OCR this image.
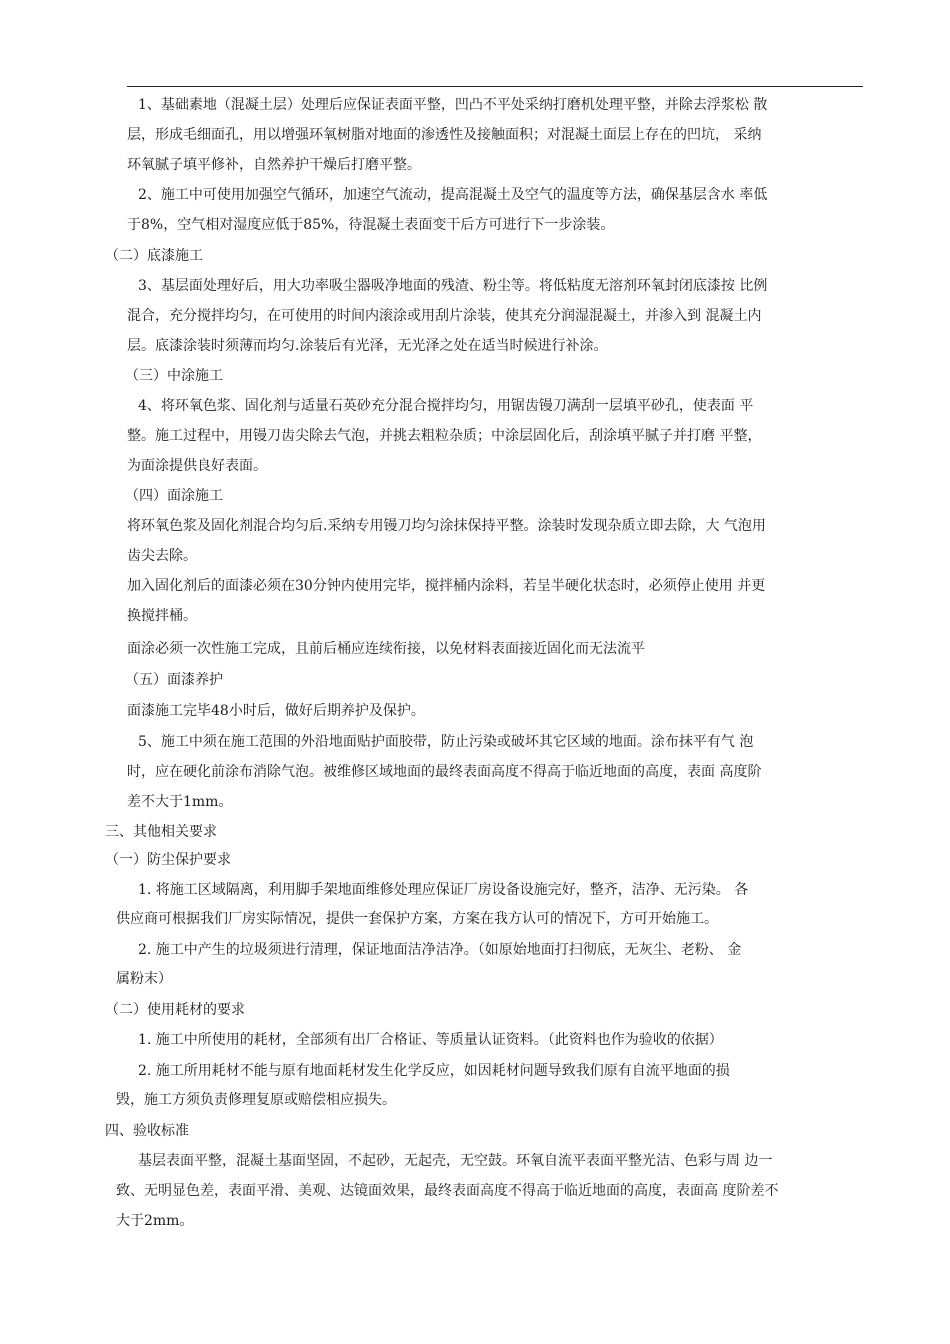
1、基础素地（混凝土层）处理后应保证表面平整，凹凸不平处采纳打磨机处理平整，并除去浮浆松 散
层，形成毛细面孔，用以增强环氧树脂对地面的渗透性及接触面积；对混凝土面层上存在的凹坑， 采纳
环氧腻子填平修补，自然养护干燥后打磨平整。
2、施工中可使用加强空气循环，加速空气流动，提高混凝土及空气的温度等方法，确保基层含水 率低
于8%，空气相对湿度应低于85%，待混凝土表面变干后方可进行下一步涂装。
（二）底漆施工
3、基层面处理好后，用大功率吸尘器吸净地面的残渣、粉尘等。将低粘度无溶剂环氧封闭底漆按 比例
混合，充分搅拌均匀，在可使用的时间内滚涂或用刮片涂装，使其充分润湿混凝土，并渗入到 混凝土内
层。底漆涂装时须薄而均匀.涂装后有光泽，无光泽之处在适当时候进行补涂。
（三）中涂施工
4、将环氧色浆、固化剂与适量石英砂充分混合搅拌均匀，用锯齿镘刀满刮一层填平砂孔，使表面 平
整。施工过程中，用镘刀齿尖除去气泡，并挑去粗粒杂质；中涂层固化后，刮涂填平腻子并打磨 平整，
为面涂提供良好表面。
（四）面涂施工
将环氧色浆及固化剂混合均匀后.采纳专用镘刀均匀涂抹保持平整。涂装时发现杂质立即去除，大 气泡用
齿尖去除。
加入固化剂后的面漆必须在30分钟内使用完毕，搅拌桶内涂料，若呈半硬化状态时，必须停止使用 并更
换搅拌桶。
面涂必须一次性施工完成，且前后桶应连续衔接，以免材料表面接近固化而无法流平
（五）面漆养护
面漆施工完毕48小时后，做好后期养护及保护。
5、施工中须在施工范围的外沿地面贴护面胶带，防止污染或破坏其它区域的地面。涂布抹平有气 泡
时，应在硬化前涂布消除气泡。被维修区域地面的最终表面高度不得高于临近地面的高度，表面 高度阶
差不大于1mm。
三、其他相关要求
（一）防尘保护要求
1. 将施工区域隔离，利用脚手架地面维修处理应保证厂房设备设施完好，整齐，洁净、无污染。 各
供应商可根据我们厂房实际情况，提供一套保护方案，方案在我方认可的情况下，方可开始施工。
2. 施工中产生的垃圾须进行清理，保证地面洁净洁净。（如原始地面打扫彻底，无灰尘、老粉、 金
属粉末）
（二）使用耗材的要求
1. 施工中所使用的耗材，全部须有出厂合格证、等质量认证资料。（此资料也作为验收的依据）
2. 施工所用耗材不能与原有地面耗材发生化学反应，如因耗材问题导致我们原有自流平地面的损
毁，施工方须负责修理复原或赔偿相应损失。
四、验收标准
基层表面平整，混凝土基面坚固，不起砂，无起壳，无空鼓。环氧自流平表面平整光洁、色彩与周 边一
致、无明显色差，表面平滑、美观、达镜面效果，最终表面高度不得高于临近地面的高度，表面高 度阶差不
大于2mm。
